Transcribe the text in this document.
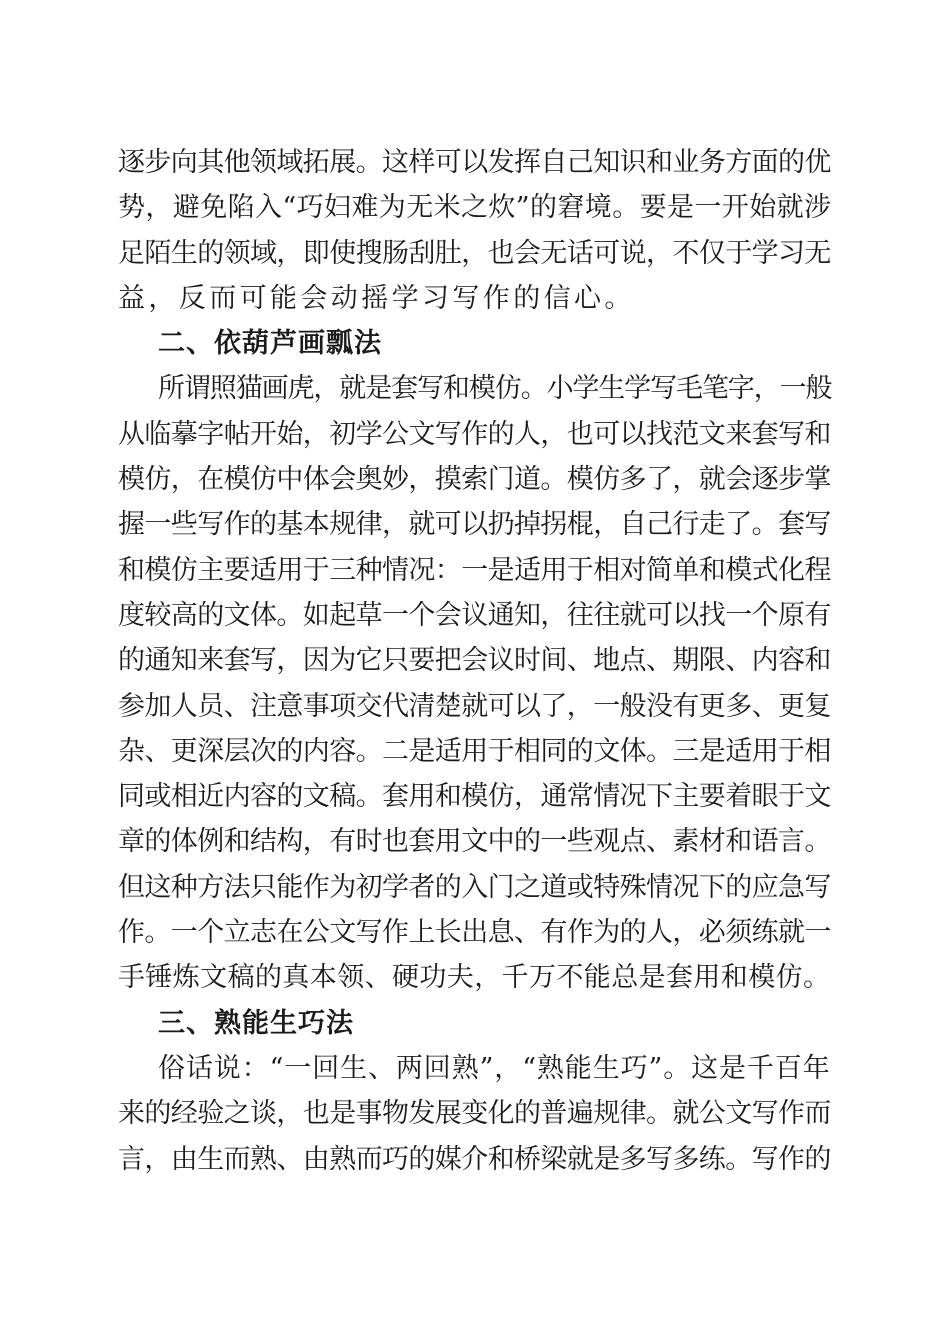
逐步向其他领域拓展。这样可以发挥自己知识和业务方面的优
势，避免陷入“巧妇难为无米之炊”的窘境。要是一开始就涉
足陌生的领域，即使搜肠刮肚，也会无话可说，不仅于学习无
益，反而可能会动摇学习写作的信心。
二、依葫芦画瓢法
所谓照猫画虎，就是套写和模仿。小学生学写毛笔字，一般
从临摹字帖开始，初学公文写作的人，也可以找范文来套写和
模仿，在模仿中体会奥妙，摸索门道。模仿多了，就会逐步掌
握一些写作的基本规律，就可以扔掉拐棍，自己行走了。套写
和模仿主要适用于三种情况：一是适用于相对简单和模式化程
度较高的文体。如起草一个会议通知，往往就可以找一个原有
的通知来套写，因为它只要把会议时间、地点、期限、内容和
参加人员、注意事项交代清楚就可以了，一般没有更多、更复
杂、更深层次的内容。二是适用于相同的文体。三是适用于相
同或相近内容的文稿。套用和模仿，通常情况下主要着眼于文
章的体例和结构，有时也套用文中的一些观点、素材和语言。
但这种方法只能作为初学者的入门之道或特殊情况下的应急写
作。一个立志在公文写作上长出息、有作为的人，必须练就一
手锤炼文稿的真本领、硬功夫，千万不能总是套用和模仿。
三、熟能生巧法
俗话说：“一回生、两回熟”，“熟能生巧”。这是千百年
来的经验之谈，也是事物发展变化的普遍规律。就公文写作而
言，由生而熟、由熟而巧的媒介和桥梁就是多写多练。写作的
